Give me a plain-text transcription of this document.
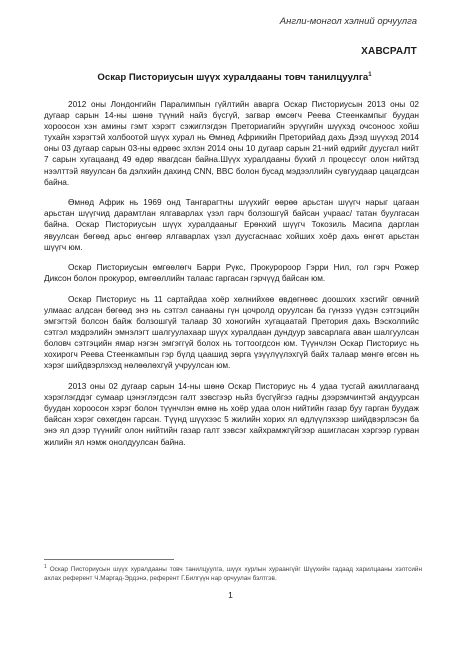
Англи-монгол хэлний орчуулга
ХАВСРАЛТ
Оскар Писториусын шүүх хуралдааны товч танилцуулга$^1$

2012 оны Лондонгийн Паралимпын гүйлтийн аварга Оскар Писториусын 2013 оны 02 дугаар сарын 14-ны шөнө түүний найз бүсгүй, загвар өмсөгч Реева Стеенкампыг буудан хороосон хэн амины гэмт хэрэгт сэжиглэгдэн Преториагийн эрүүгийн шүүхэд очсоноос хойш тухайн хэрэгтэй холбоотой шүүх хурал нь Өмнөд Африкийн Преторийад дахь Дээд шүүхэд 2014 оны 03 дугаар сарын 03-ны өдрөөс эхлэн 2014 оны 10 дугаар сарын 21-ний өдрийг дуусгал нийт 7 сарын хугацаанд 49 өдөр явагдсан байна.Шүүх хуралдааны бүхий л процессүг олон нийтэд нээлттэй явуулсан ба дэлхийн дахинд CNN, BBC болон бусад мэдээллийн сувгуудаар цацагдсан байна.

Өмнөд Африк нь 1969 онд Тангарагтны шүүхийг өөрөө арьстан шүүгч нарыг цагаан арьстан шүүгчид дарамтлан ялгаварлах үзэл гарч болзошгүй байсан учраас/ татан буулгасан байна. Оскар Писториусын шүүх хуралдааныг Ерөнхий шүүгч Токозиль Масипа дарглан явуулсан бөгөөд арьс өнгөөр ялгаварлах үзэл дуусгаснаас хойших хоёр дахь өнгөт арьстан шүүгч юм.

Оскар Писториусын өмгөөлөгч Барри Рүкс, Прокурорoор Гэрри Нил, гол гэрч Рожер Диксон болон прокурор, өмгөөллийн талаас гаргасан гэрчүүд байсан юм.

Оскар Писториус нь 11 сартайдаа хоёр хөлнийхөө өвдөгнөөс доошхих хэсгийг овчний улмааc алдсан бөгөөд энэ нь сэтгэл санааны гүн цочролд оруулсан ба гүнзээ үүдэн сэтгэцийн эмгэгтэй болсон байж болзошгүй талаар 30 хоногийн хугацаатай Претория дахь Вэсколпийс сэтгэл мэдрэлийн эмнэлэгт шалгуулахаар шүүх хуралдаан дундуур завсарлага аван шалгуулсан боловч сэтгэцийн ямар нэгэн эмгэггүй болох нь тогтоогдсон юм. Түүнчлэн Оскар Писториус нь хохирогч Реева Стеенкампын гэр бүлд цаашид зөрга үзүүлүүлэхгүй байх талаар мөнгө өгсөн нь хэрэг шийдвэрлэхэд нөлөөлөхгүй учруулсан юм.

2013 оны 02 дугаар сарын 14-ны шөнө Оскар Писториус нь 4 удаа тусгай ажиллагаанд хэрэглэгддэг сумаар цэнэглэгдсэн галт зэвсгээр ньйз бүсгүйгээ гадны дээрэмчинтэй андуурсан буудан хороосон хэрэг болон түүнчлэн өмнө нь хоёр удаа олон нийтийн газар буу гарган буудаж байсан хэрэг сөхөгдөн гарсан. Түүнд шүүхээс 5 жилийн хорих ял өдлүүлэхээр шийдвэрлэсэн ба энэ ял дээр түүнийг олон нийтийн газар галт зэвсэг хайхрамжгүйгээр ашигласан хэргээр гурван жилийн ял нэмж онолдуулсан байна.

$^1$ Оскар Писториусын шүүх хуралдааны товч танилцуулга, шүүх хурлын хураангүйг Шүүхийн гадаад харилцааны хэлтсийн ахлах референт Ч.Маргад-Эрдэнэ, референт Г.Билгүүн нар орчуулан бэлтгэв.
1
